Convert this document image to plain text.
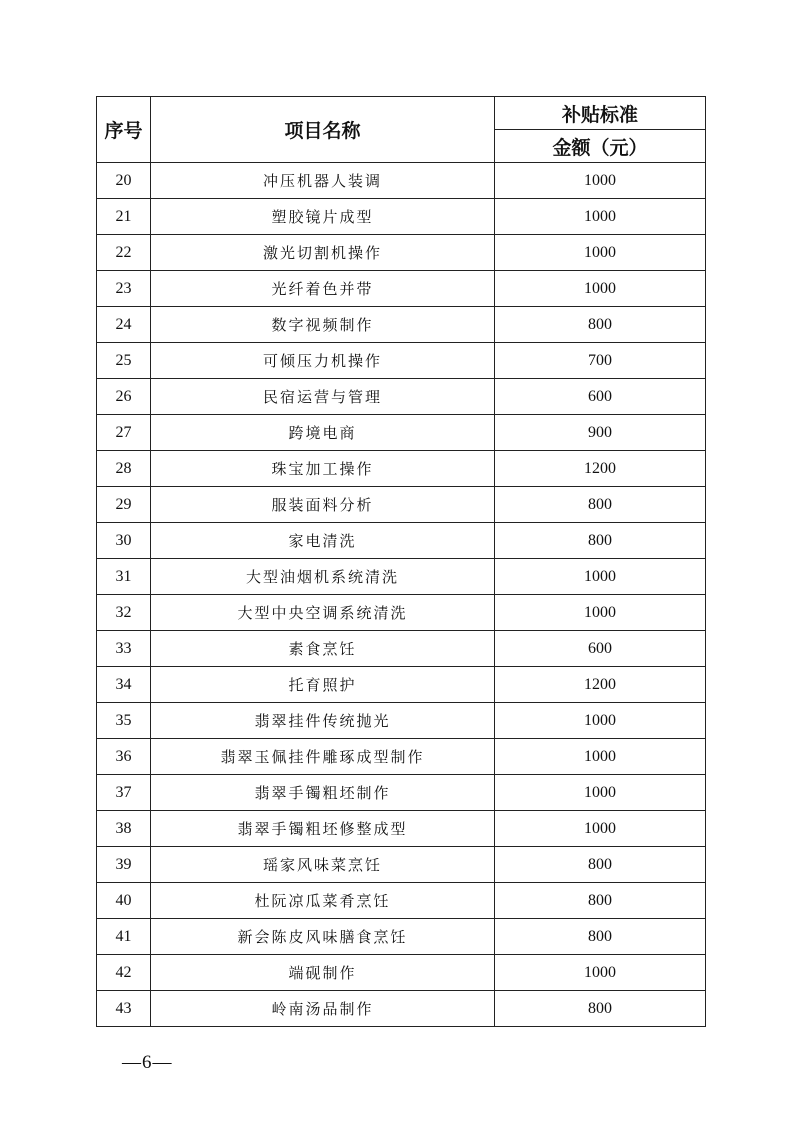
序号	项目名称	补贴标准
		金额（元）
20	冲压机器人装调	1000
21	塑胶镜片成型	1000
22	激光切割机操作	1000
23	光纤着色并带	1000
24	数字视频制作	800
25	可倾压力机操作	700
26	民宿运营与管理	600
27	跨境电商	900
28	珠宝加工操作	1200
29	服装面料分析	800
30	家电清洗	800
31	大型油烟机系统清洗	1000
32	大型中央空调系统清洗	1000
33	素食烹饪	600
34	托育照护	1200
35	翡翠挂件传统抛光	1000
36	翡翠玉佩挂件雕琢成型制作	1000
37	翡翠手镯粗坯制作	1000
38	翡翠手镯粗坯修整成型	1000
39	瑶家风味菜烹饪	800
40	杜阮凉瓜菜肴烹饪	800
41	新会陈皮风味膳食烹饪	800
42	端砚制作	1000
43	岭南汤品制作	800
—6—
